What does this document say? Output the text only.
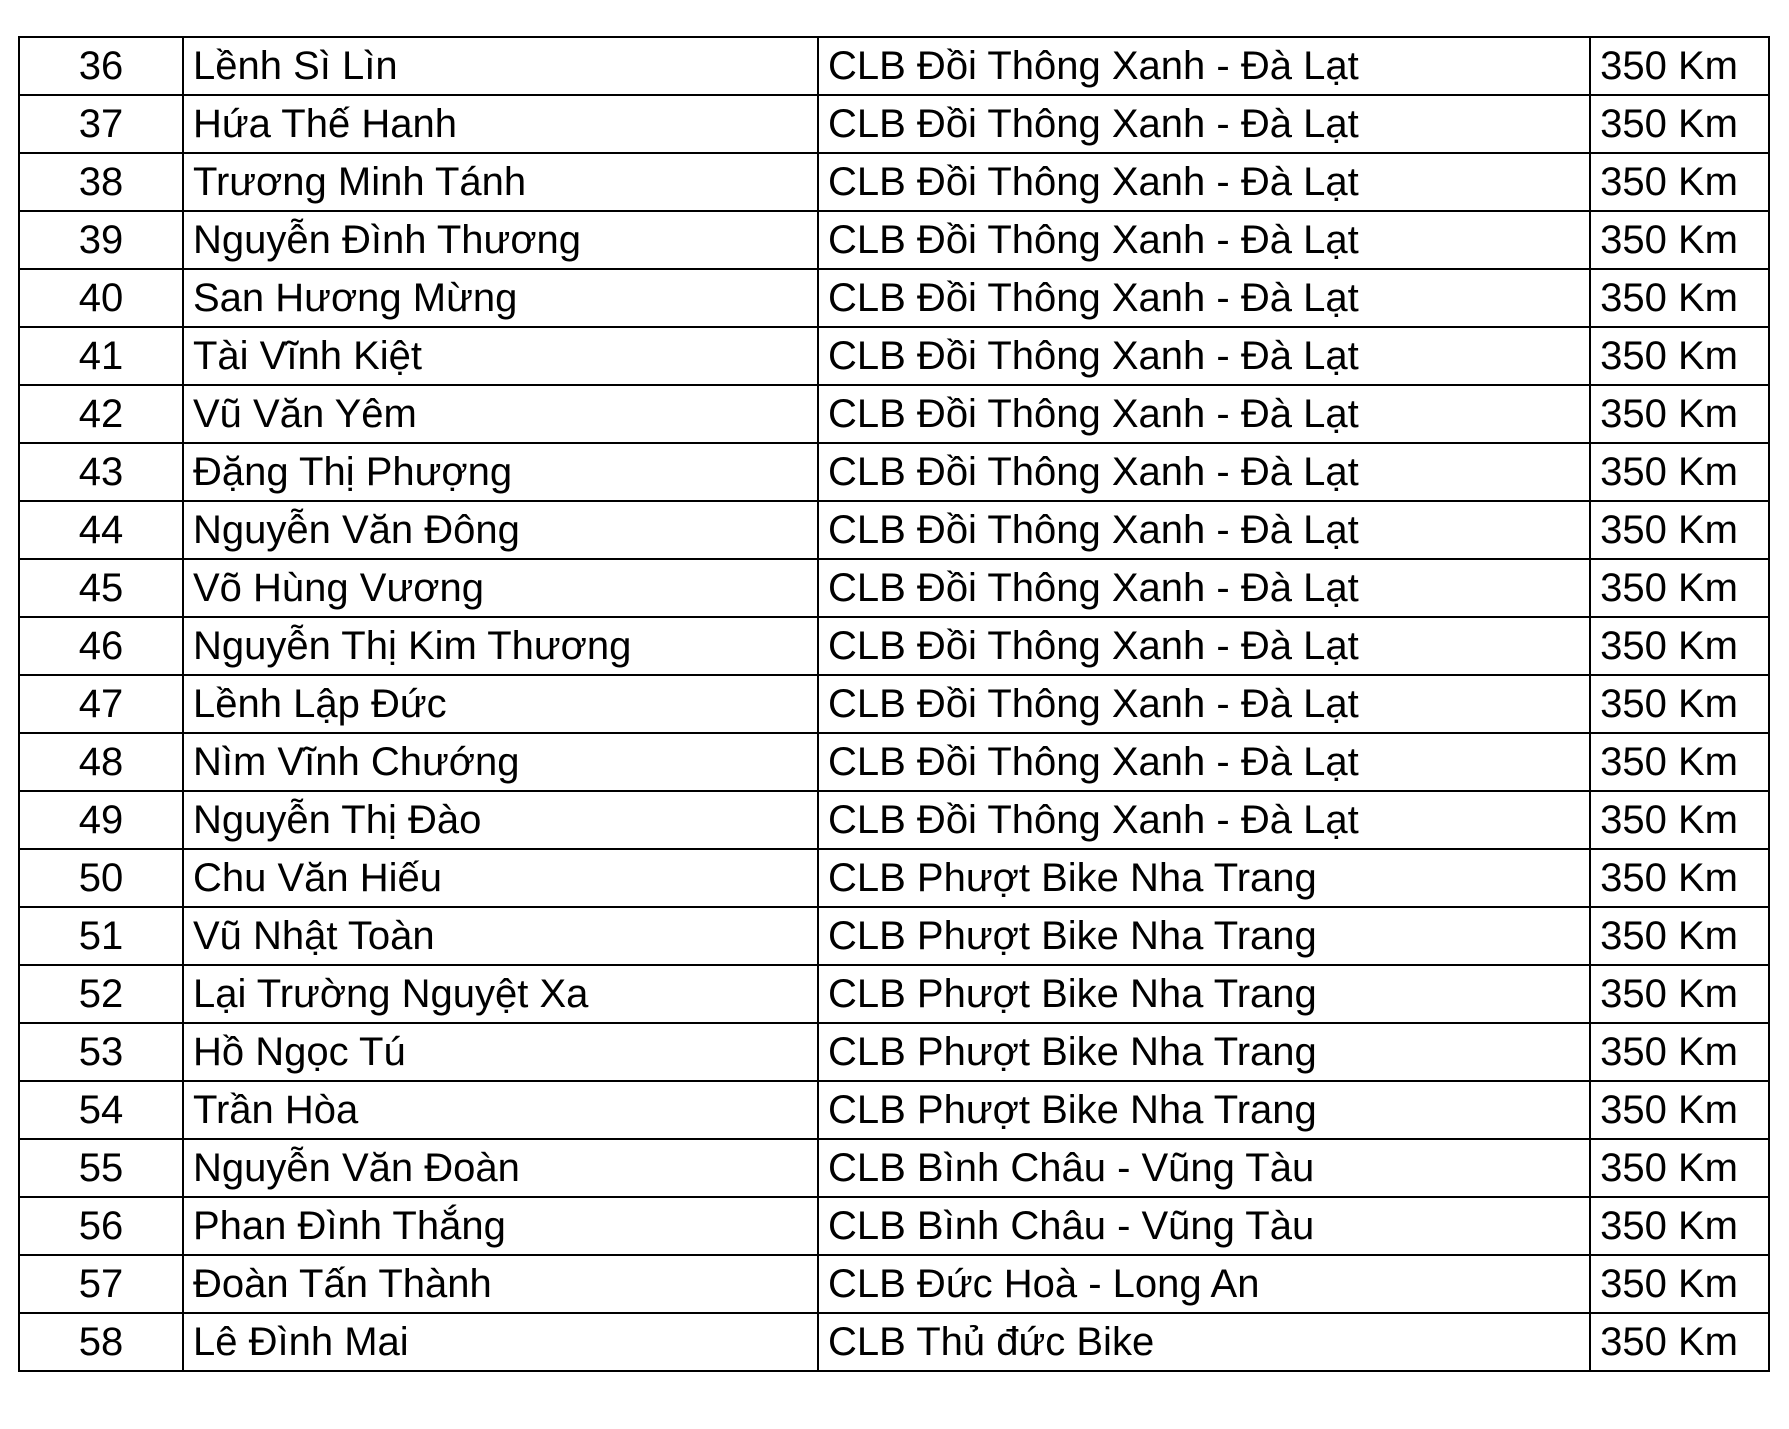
36	Lềnh Sì Lìn	CLB Đồi Thông Xanh - Đà Lạt	350 Km
37	Hứa Thế Hanh	CLB Đồi Thông Xanh - Đà Lạt	350 Km
38	Trương Minh Tánh	CLB Đồi Thông Xanh - Đà Lạt	350 Km
39	Nguyễn Đình Thương	CLB Đồi Thông Xanh - Đà Lạt	350 Km
40	San Hương Mừng	CLB Đồi Thông Xanh - Đà Lạt	350 Km
41	Tài Vĩnh Kiệt	CLB Đồi Thông Xanh - Đà Lạt	350 Km
42	Vũ Văn Yêm	CLB Đồi Thông Xanh - Đà Lạt	350 Km
43	Đặng Thị Phượng	CLB Đồi Thông Xanh - Đà Lạt	350 Km
44	Nguyễn Văn Đông	CLB Đồi Thông Xanh - Đà Lạt	350 Km
45	Võ Hùng Vương	CLB Đồi Thông Xanh - Đà Lạt	350 Km
46	Nguyễn Thị Kim Thương	CLB Đồi Thông Xanh - Đà Lạt	350 Km
47	Lềnh Lập Đức	CLB Đồi Thông Xanh - Đà Lạt	350 Km
48	Nìm Vĩnh Chướng	CLB Đồi Thông Xanh - Đà Lạt	350 Km
49	Nguyễn Thị Đào	CLB Đồi Thông Xanh - Đà Lạt	350 Km
50	Chu Văn Hiếu	CLB Phượt Bike Nha Trang	350 Km
51	Vũ Nhật Toàn	CLB Phượt Bike Nha Trang	350 Km
52	Lại Trường Nguyệt Xa	CLB Phượt Bike Nha Trang	350 Km
53	Hồ Ngọc Tú	CLB Phượt Bike Nha Trang	350 Km
54	Trần Hòa	CLB Phượt Bike Nha Trang	350 Km
55	Nguyễn Văn Đoàn	CLB Bình Châu - Vũng Tàu	350 Km
56	Phan Đình Thắng	CLB Bình Châu - Vũng Tàu	350 Km
57	Đoàn Tấn Thành	CLB Đức Hoà - Long An	350 Km
58	Lê Đình Mai	CLB Thủ đức Bike	350 Km
